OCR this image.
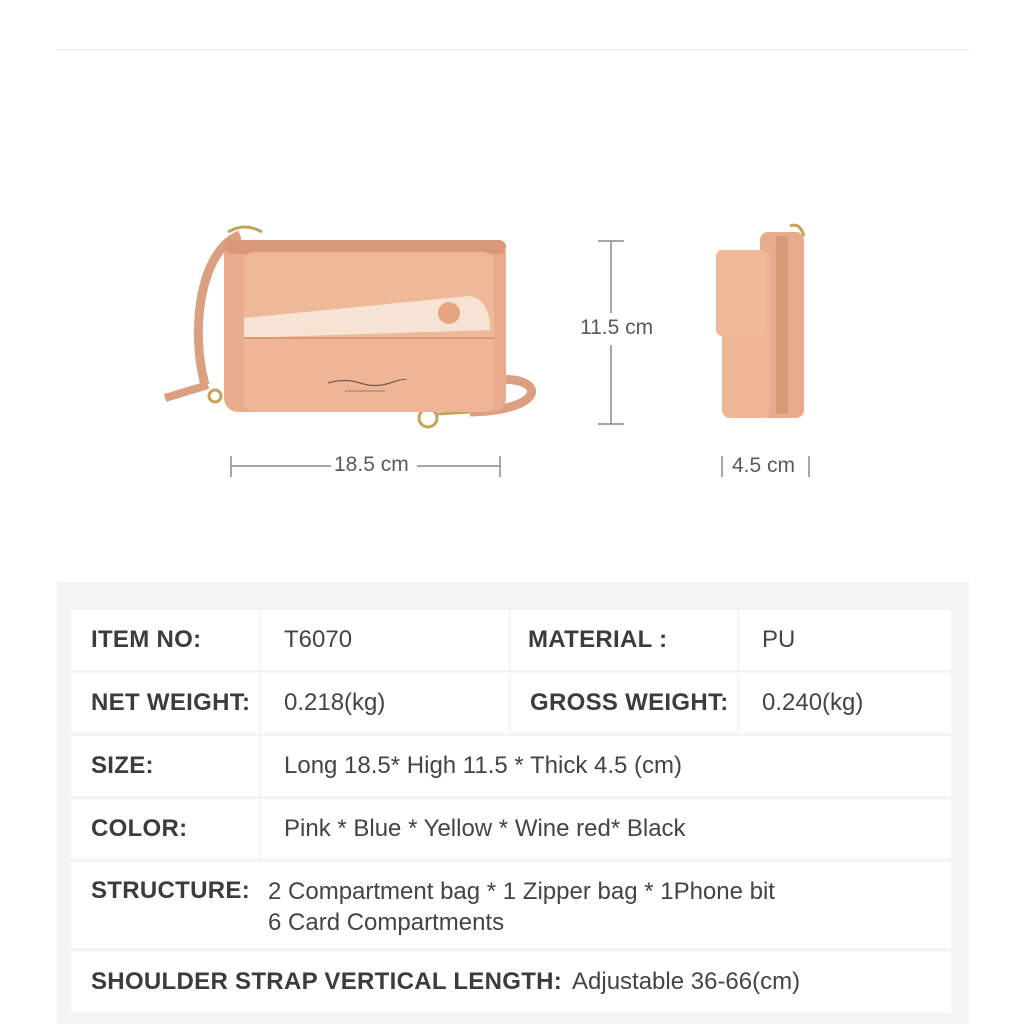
18.5 cm
11.5 cm
4.5 cm
ITEM NO:	T6070	MATERIAL :	PU
NET WEIGHT: 0.218(kg)	GROSS WEIGHT: 0.240(kg)
SIZE:	Long 18.5* High 11.5 * Thick 4.5 (cm)
COLOR:	Pink * Blue * Yellow * Wine red* Black
STRUCTURE: 2 Compartment bag * 1 Zipper bag * 1Phone bit
6 Card Compartments
SHOULDER STRAP VERTICAL LENGTH: Adjustable 36-66(cm)
